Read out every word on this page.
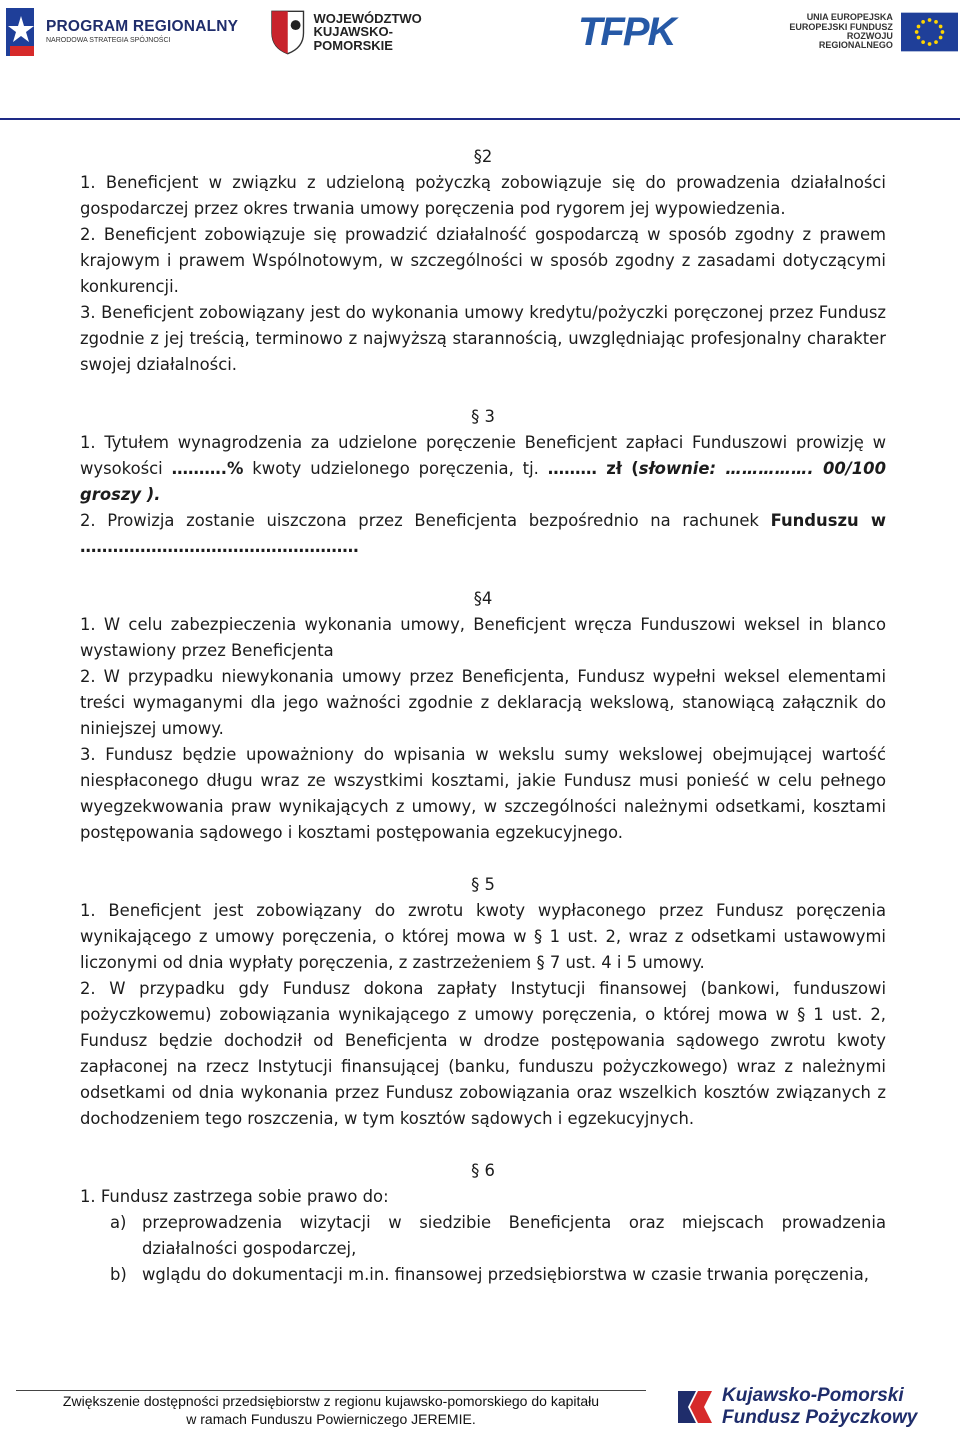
PROGRAM REGIONALNY
NARODOWA STRATEGIA SPÓJNOŚCI
WOJEWÓDZTWO
KUJAWSKO-POMORSKIE	TFPK	UNIA EUROPEJSKA
EUROPEJSKI FUNDUSZ
ROZWOJU REGIONALNEGO
Projekt jest współfinansowany ze środków Europejskiego Funduszu Rozwoju Regionalnego w ramach Regionalnego Programu
Operacyjnego Województwa Kujawsko-Pomorskiego na lata 2007-2013 oraz ze środków budżetu państwa.

§2

1. Beneficjent w związku z udzieloną pożyczką zobowiązuje się do prowadzenia działalności gospodarczej przez okres trwania umowy poręczenia pod rygorem jej wypowiedzenia.

2. Beneficjent zobowiązuje się prowadzić działalność gospodarczą w sposób zgodny z prawem krajowym i prawem Wspólnotowym, w szczególności w sposób zgodny z zasadami dotyczącymi konkurencji.

3. Beneficjent zobowiązany jest do wykonania umowy kredytu/pożyczki poręczonej przez Fundusz zgodnie z jej treścią, terminowo z najwyższą starannością, uwzględniając profesjonalny charakter swojej działalności.

§ 3

1. Tytułem wynagrodzenia za udzielone poręczenie Beneficjent zapłaci Funduszowi prowizję w wysokości ……….% kwoty udzielonego poręczenia, tj. ……… zł (słownie: ……………. 00/100 groszy ).

2. Prowizja zostanie uiszczona przez Beneficjenta bezpośrednio na rachunek Funduszu w ……………………………………………

§4

1. W celu zabezpieczenia wykonania umowy, Beneficjent wręcza Funduszowi weksel in blanco wystawiony przez Beneficjenta

2. W przypadku niewykonania umowy przez Beneficjenta, Fundusz wypełni weksel elementami treści wymaganymi dla jego ważności zgodnie z deklaracją wekslową, stanowiącą załącznik do niniejszej umowy.

3. Fundusz będzie upoważniony do wpisania w wekslu sumy wekslowej obejmującej wartość niespłaconego długu wraz ze wszystkimi kosztami, jakie Fundusz musi ponieść w celu pełnego wyegzekwowania praw wynikających z umowy, w szczególności należnymi odsetkami, kosztami postępowania sądowego i kosztami postępowania egzekucyjnego.

§ 5

1. Beneficjent jest zobowiązany do zwrotu kwoty wypłaconego przez Fundusz poręczenia wynikającego z umowy poręczenia, o której mowa w § 1 ust. 2, wraz z odsetkami ustawowymi liczonymi od dnia wypłaty poręczenia, z zastrzeżeniem § 7 ust. 4 i 5 umowy.

2. W przypadku gdy Fundusz dokona zapłaty Instytucji finansowej (bankowi, funduszowi pożyczkowemu) zobowiązania wynikającego z umowy poręczenia, o której mowa w § 1 ust. 2, Fundusz będzie dochodził od Beneficjenta w drodze postępowania sądowego zwrotu kwoty zapłaconej na rzecz Instytucji finansującej (banku, funduszu pożyczkowego) wraz z należnymi odsetkami od dnia wykonania przez Fundusz zobowiązania oraz wszelkich kosztów związanych z dochodzeniem tego roszczenia, w tym kosztów sądowych i egzekucyjnych.

§ 6

1. Fundusz zastrzega sobie prawo do:

a) przeprowadzenia wizytacji w siedzibie Beneficjenta oraz miejscach prowadzenia działalności gospodarczej,
b) wglądu do dokumentacji m.in. finansowej przedsiębiorstwa w czasie trwania poręczenia,
Zwiększenie dostępności przedsiębiorstw z regionu kujawsko-pomorskiego do kapitału
w ramach Funduszu Powierniczego JEREMIE.
Kujawsko-Pomorski
Fundusz Pożyczkowy
